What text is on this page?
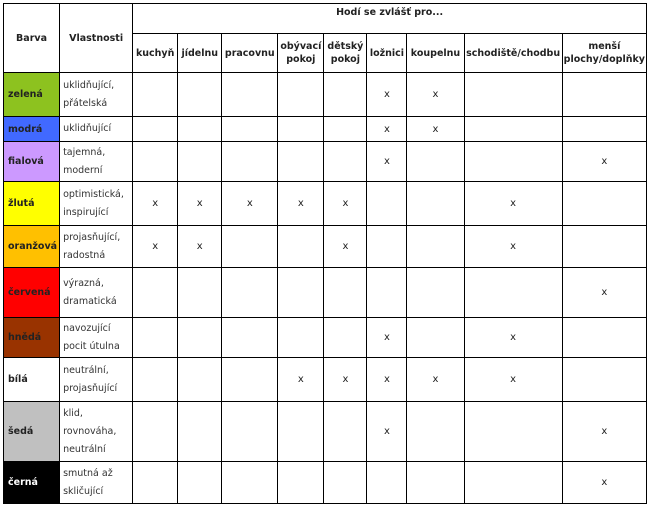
Barva	Vlastnosti	Hodí se zvlášť pro...								
		kuchyň	jídelnu	pracovnu	obývací pokoj	dětský pokoj	ložnici	koupelnu	schodiště/chodbu	menší plochy/doplňky
zelená	uklidňující, přátelská						x	x		
modrá	uklidňující						x	x		
fialová	tajemná, moderní						x			x
žlutá	optimistická, inspirující	x	x	x	x	x			x	
oranžová	projasňující, radostná	x	x			x			x	
červená	výrazná, dramatická									x
hnědá	navozující pocit útulna						x		x	
bílá	neutrální, projasňující				x	x	x	x	x	
šedá	klid, rovnováha, neutrální						x			x
černá	smutná až skličující									x
